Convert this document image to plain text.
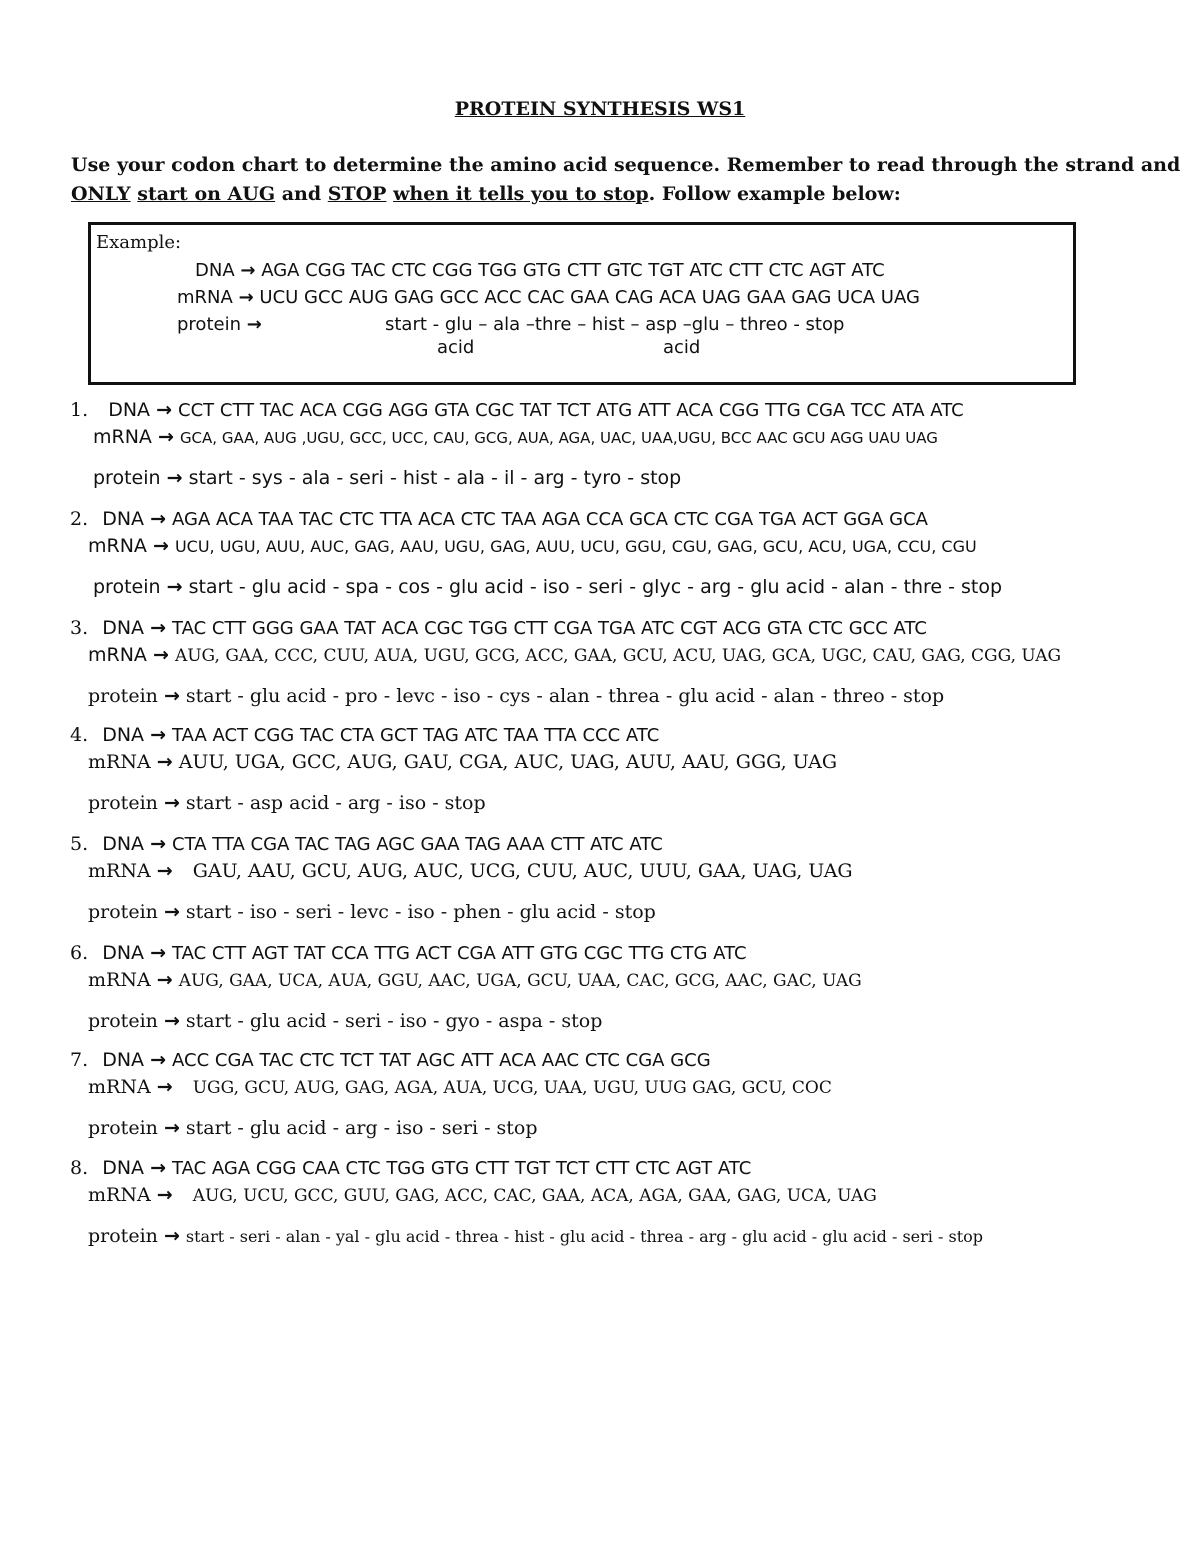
PROTEIN SYNTHESIS WS1
Use your codon chart to determine the amino acid sequence. Remember to read through the strand and
ONLY start on AUG and STOP when it tells you to stop. Follow example below:
Example:
DNA → AGA CGG TAC CTC CGG TGG GTG CTT GTC TGT ATC CTT CTC AGT ATC
mRNA → UCU GCC AUG GAG GCC ACC CAC GAA CAG ACA UAG GAA GAG UCA UAG
protein →	start - glu – ala –thre – hist – asp –glu – threo - stop
acid	acid
1. DNA → CCT CTT TAC ACA CGG AGG GTA CGC TAT TCT ATG ATT ACA CGG TTG CGA TCC ATA ATC
mRNA → GCA, GAA, AUG ,UGU, GCC, UCC, CAU, GCG, AUA, AGA, UAC, UAA,UGU, BCC AAC GCU AGG UAU UAG
protein → start - sys - ala - seri - hist - ala - il - arg - tyro - stop
2. DNA → AGA ACA TAA TAC CTC TTA ACA CTC TAA AGA CCA GCA CTC CGA TGA ACT GGA GCA
mRNA → UCU, UGU, AUU, AUC, GAG, AAU, UGU, GAG, AUU, UCU, GGU, CGU, GAG, GCU, ACU, UGA, CCU, CGU
protein → start - glu acid - spa - cos - glu acid - iso - seri - glyc - arg - glu acid - alan - thre - stop
3. DNA → TAC CTT GGG GAA TAT ACA CGC TGG CTT CGA TGA ATC CGT ACG GTA CTC GCC ATC
mRNA → AUG, GAA, CCC, CUU, AUA, UGU, GCG, ACC, GAA, GCU, ACU, UAG, GCA, UGC, CAU, GAG, CGG, UAG
protein → start - glu acid - pro - levc - iso - cys - alan - threa - glu acid - alan - threo - stop
4. DNA → TAA ACT CGG TAC CTA GCT TAG ATC TAA TTA CCC ATC
mRNA → AUU, UGA, GCC, AUG, GAU, CGA, AUC, UAG, AUU, AAU, GGG, UAG
protein → start - asp acid - arg - iso - stop
5. DNA → CTA TTA CGA TAC TAG AGC GAA TAG AAA CTT ATC ATC
mRNA → GAU, AAU, GCU, AUG, AUC, UCG, CUU, AUC, UUU, GAA, UAG, UAG
protein → start - iso - seri - levc - iso - phen - glu acid - stop
6. DNA → TAC CTT AGT TAT CCA TTG ACT CGA ATT GTG CGC TTG CTG ATC
mRNA → AUG, GAA, UCA, AUA, GGU, AAC, UGA, GCU, UAA, CAC, GCG, AAC, GAC, UAG
protein → start - glu acid - seri - iso - gyo - aspa - stop
7. DNA → ACC CGA TAC CTC TCT TAT AGC ATT ACA AAC CTC CGA GCG
mRNA → UGG, GCU, AUG, GAG, AGA, AUA, UCG, UAA, UGU, UUG GAG, GCU, COC
protein → start - glu acid - arg - iso - seri - stop
8. DNA → TAC AGA CGG CAA CTC TGG GTG CTT TGT TCT CTT CTC AGT ATC
mRNA → AUG, UCU, GCC, GUU, GAG, ACC, CAC, GAA, ACA, AGA, GAA, GAG, UCA, UAG
protein → start - seri - alan - yal - glu acid - threa - hist - glu acid - threa - arg - glu acid - glu acid - seri - stop
